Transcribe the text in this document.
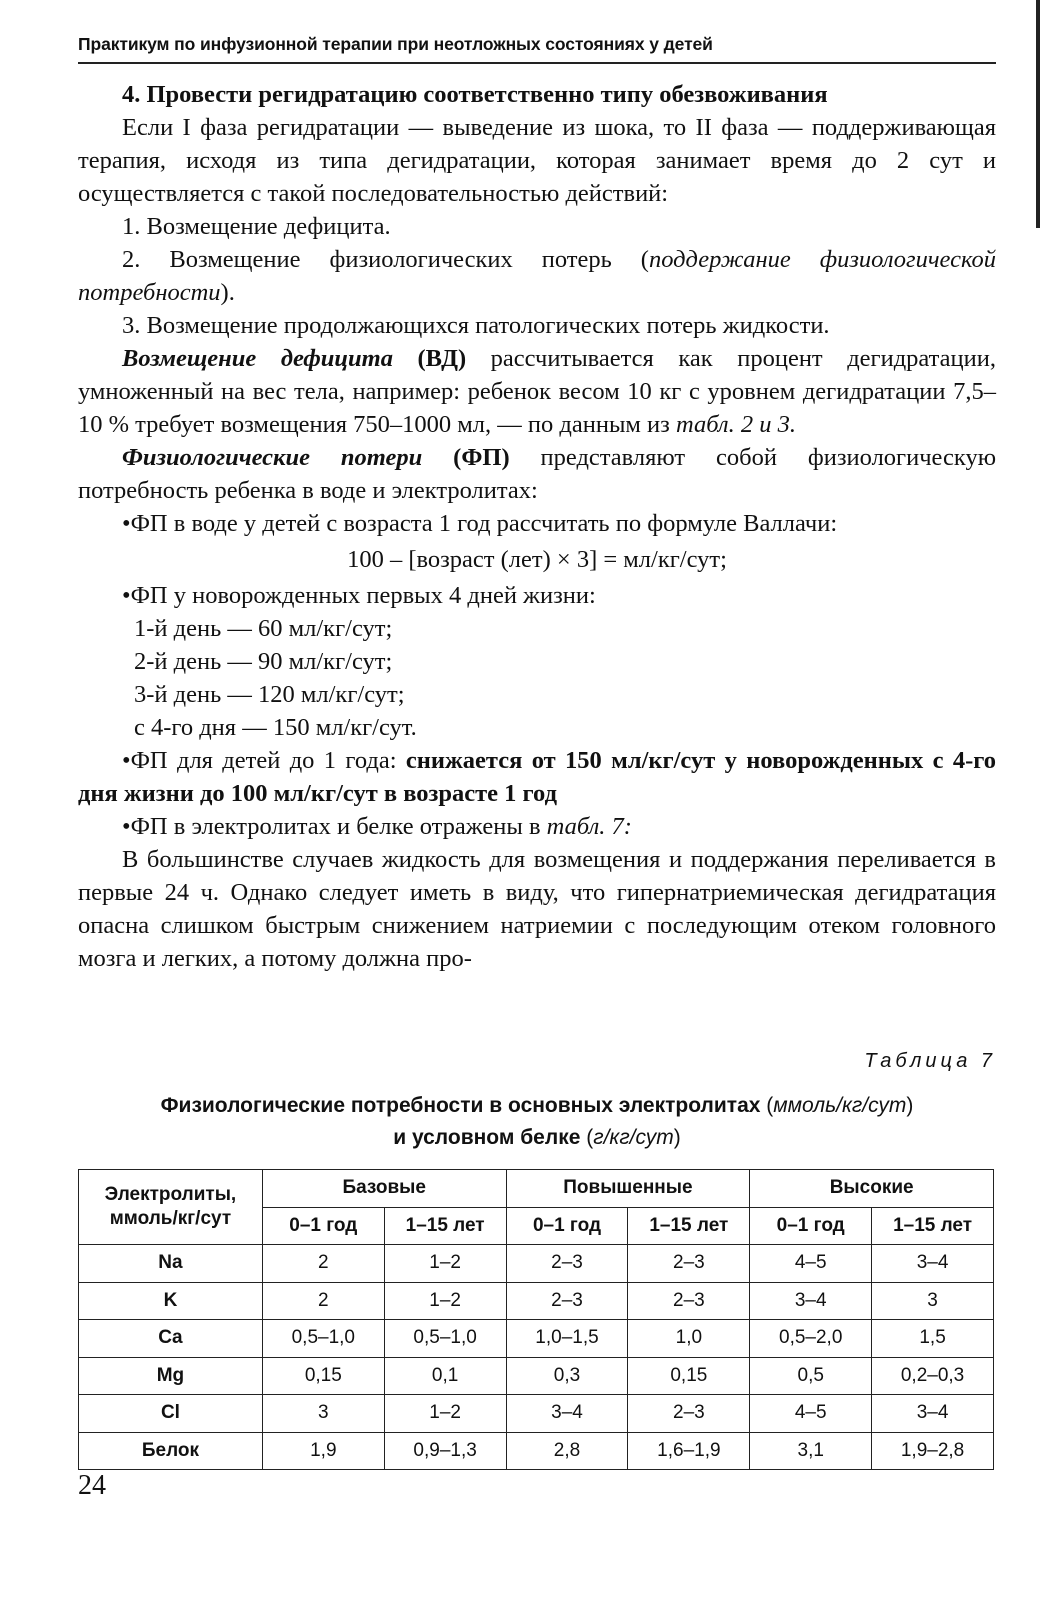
Практикум по инфузионной терапии при неотложных состояниях у детей

4. Провести регидратацию соответственно типу обезвоживания

Если I фаза регидратации — выведение из шока, то II фаза — поддерживающая терапия, исходя из типа дегидратации, которая занимает время до 2 сут и осуществляется с такой последовательностью действий:

1. Возмещение дефицита.

2. Возмещение физиологических потерь (поддержание физиологической потребности).

3. Возмещение продолжающихся патологических потерь жидкости.

Возмещение дефицита (ВД) рассчитывается как процент дегидратации, умноженный на вес тела, например: ребенок весом 10 кг с уровнем дегидратации 7,5–10 % требует возмещения 750–1000 мл, — по данным из табл. 2 и 3.

Физиологические потери (ФП) представляют собой физиологическую потребность ребенка в воде и электролитах:

•ФП в воде у детей с возраста 1 год рассчитать по формуле Валлачи:

100 – [возраст (лет) × 3] = мл/кг/сут;

•ФП у новорожденных первых 4 дней жизни:

1-й день — 60 мл/кг/сут;

2-й день — 90 мл/кг/сут;

3-й день — 120 мл/кг/сут;

с 4-го дня — 150 мл/кг/сут.

•ФП для детей до 1 года: снижается от 150 мл/кг/сут у новорожденных с 4-го дня жизни до 100 мл/кг/сут в возрасте 1 год

•ФП в электролитах и белке отражены в табл. 7:

В большинстве случаев жидкость для возмещения и поддержания переливается в первые 24 ч. Однако следует иметь в виду, что гипернатриемическая дегидратация опасна слишком быстрым снижением натриемии с последующим отеком головного мозга и легких, а потому должна про-

Таблица 7
Физиологические потребности в основных электролитах (ммоль/кг/сут)
и условном белке (г/кг/сут)
Электролиты, ммоль/кг/сут	Базовые		Повышенные		Высокие	
	0–1 год	1–15 лет	0–1 год	1–15 лет	0–1 год	1–15 лет
Na	2	1–2	2–3	2–3	4–5	3–4
K	2	1–2	2–3	2–3	3–4	3
Ca	0,5–1,0	0,5–1,0	1,0–1,5	1,0	0,5–2,0	1,5
Mg	0,15	0,1	0,3	0,15	0,5	0,2–0,3
Cl	3	1–2	3–4	2–3	4–5	3–4
Белок	1,9	0,9–1,3	2,8	1,6–1,9	3,1	1,9–2,8
24
